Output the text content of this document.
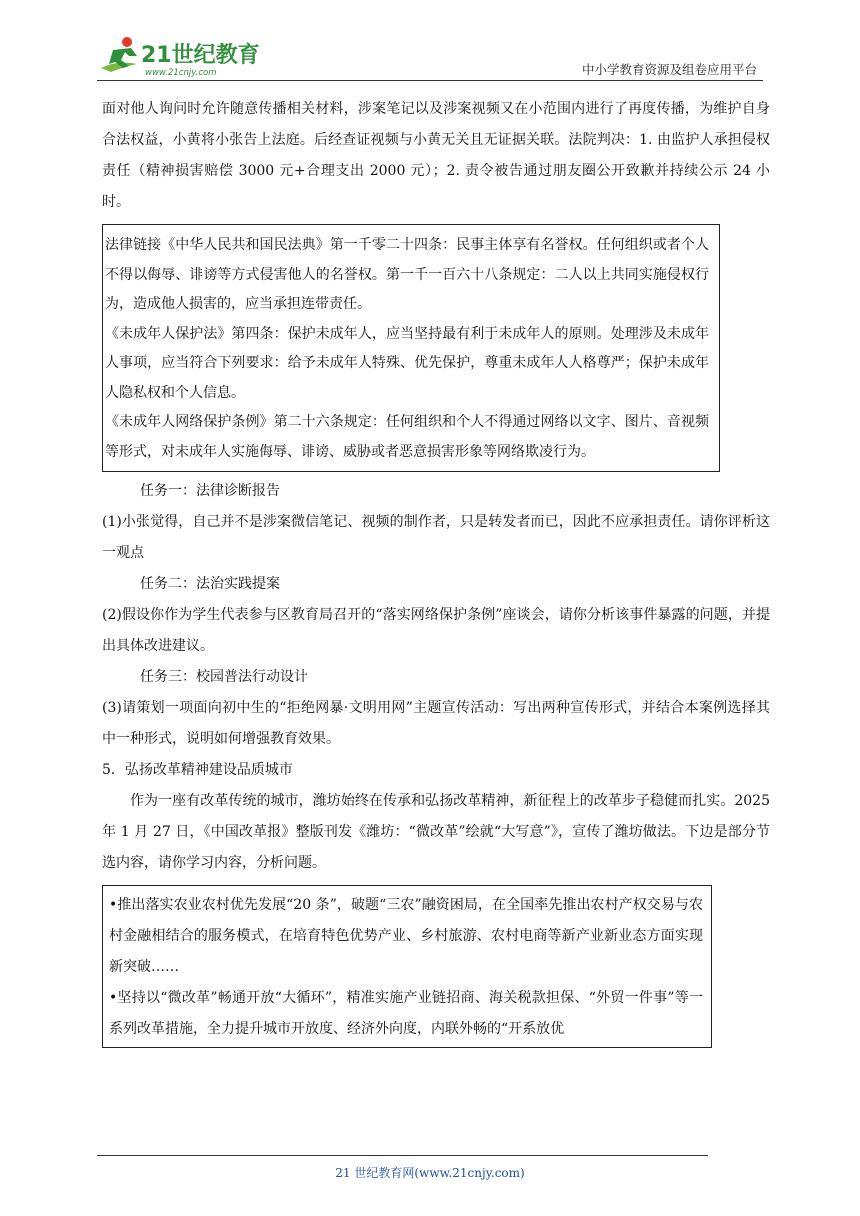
21世纪教育
www.21cnjy.com	中小学教育资源及组卷应用平台

面对他人询问时允许随意传播相关材料，涉案笔记以及涉案视频又在小范围内进行了再度传播，为维护自身合法权益，小黄将小张告上法庭。后经查证视频与小黄无关且无证据关联。法院判决：1. 由监护人承担侵权责任（精神损害赔偿 3000 元+合理支出 2000 元）；2. 责令被告通过朋友圈公开致歉并持续公示 24 小时。

法律链接《中华人民共和国民法典》第一千零二十四条：民事主体享有名誉权。任何组织或者个人不得以侮辱、诽谤等方式侵害他人的名誉权。第一千一百六十八条规定：二人以上共同实施侵权行为，造成他人损害的，应当承担连带责任。

《未成年人保护法》第四条：保护未成年人，应当坚持最有利于未成年人的原则。处理涉及未成年人事项，应当符合下列要求：给予未成年人特殊、优先保护，尊重未成年人人格尊严；保护未成年人隐私权和个人信息。

《未成年人网络保护条例》第二十六条规定：任何组织和个人不得通过网络以文字、图片、音视频等形式，对未成年人实施侮辱、诽谤、威胁或者恶意损害形象等网络欺凌行为。

任务一：法律诊断报告

(1)小张觉得，自己并不是涉案微信笔记、视频的制作者，只是转发者而已，因此不应承担责任。请你评析这一观点

任务二：法治实践提案

(2)假设你作为学生代表参与区教育局召开的“落实网络保护条例”座谈会，请你分析该事件暴露的问题，并提出具体改进建议。

任务三：校园普法行动设计

(3)请策划一项面向初中生的“拒绝网暴·文明用网”主题宣传活动：写出两种宣传形式，并结合本案例选择其中一种形式，说明如何增强教育效果。

5．弘扬改革精神建设品质城市

作为一座有改革传统的城市，潍坊始终在传承和弘扬改革精神，新征程上的改革步子稳健而扎实。2025 年 1 月 27 日，《中国改革报》整版刊发《潍坊：“微改革”绘就“大写意”》，宣传了潍坊做法。下边是部分节选内容，请你学习内容，分析问题。

•推出落实农业农村优先发展“20 条”，破题“三农”融资困局，在全国率先推出农村产权交易与农村金融相结合的服务模式，在培育特色优势产业、乡村旅游、农村电商等新产业新业态方面实现新突破……

•坚持以“微改革”畅通开放“大循环”，精准实施产业链招商、海关税款担保、“外贸一件事”等一系列改革措施，全力提升城市开放度、经济外向度，内联外畅的“开系放优

21 世纪教育网(www.21cnjy.com)
